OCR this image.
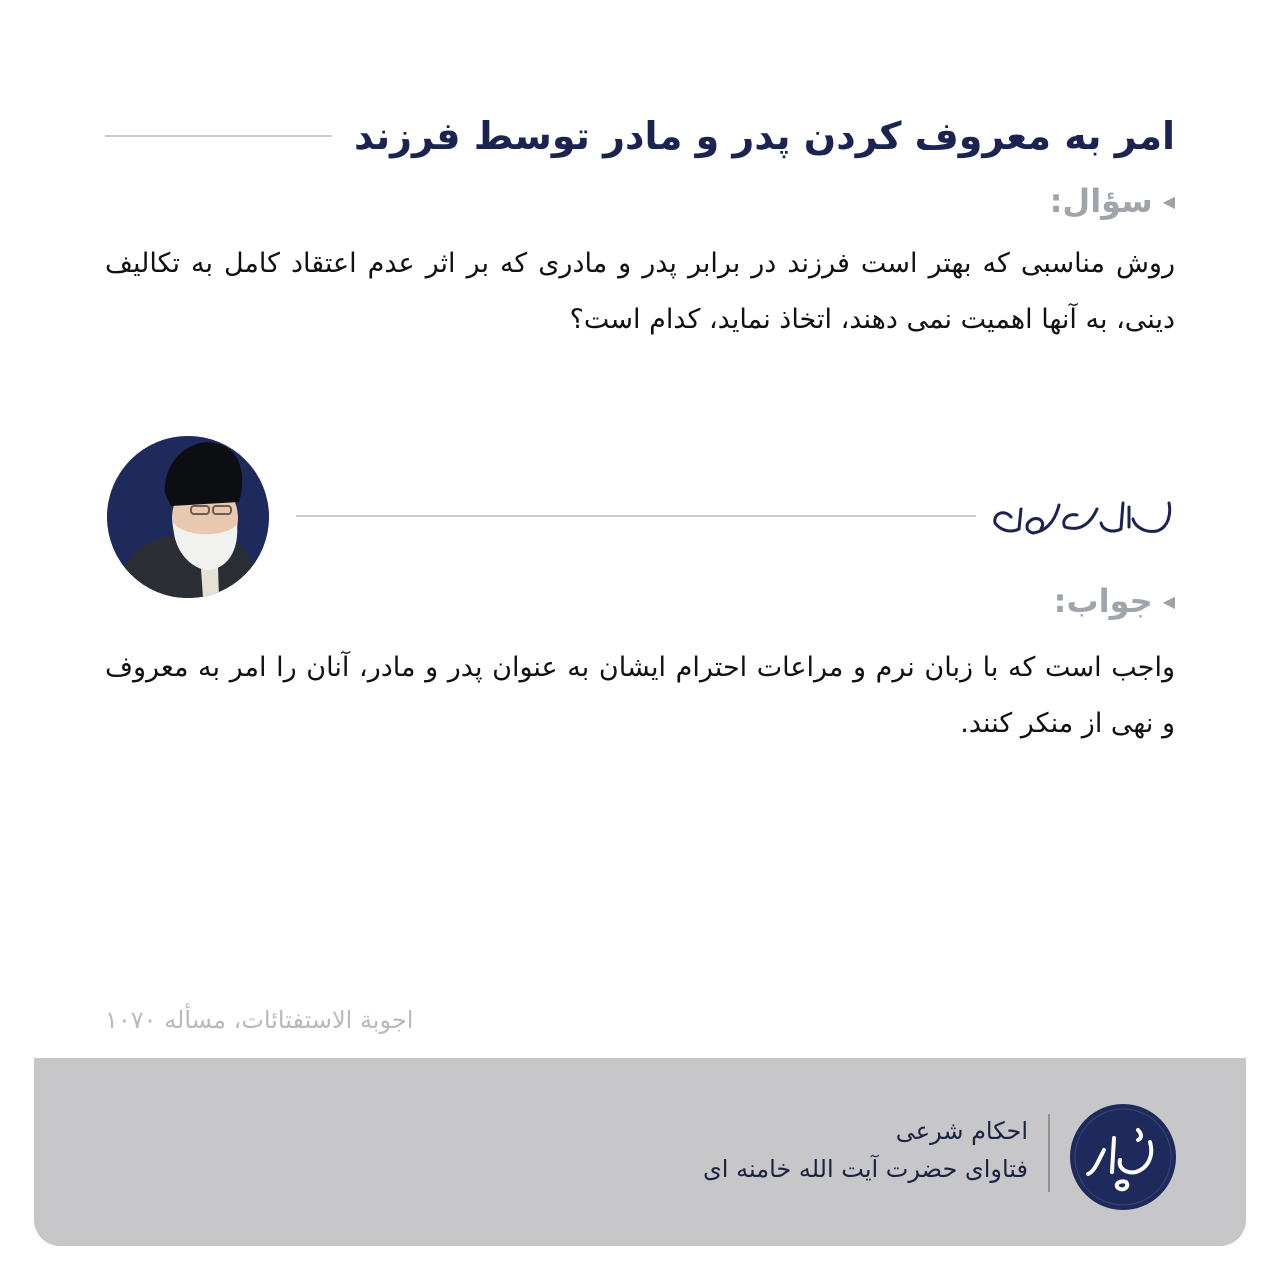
امر به معروف کردن پدر و مادر توسط فرزند
◀
سؤال:
روش مناسبی که بهتر است فرزند در برابر پدر و مادری که بر اثر عدم اعتقاد کامل به تکالیف دینی، به آنها اهمیت نمی دهند، اتخاذ نماید، کدام است؟
بسم الله الرحمن الرحیم
◀
جواب:
واجب است که با زبان نرم و مراعات احترام ایشان به عنوان پدر و مادر، آنان را امر به معروف و نهی از منکر کنند.
اجوبة الاستفتائات، مسأله ۱۰۷۰
احکام شرعی
فتاوای حضرت آیت الله خامنه ای
